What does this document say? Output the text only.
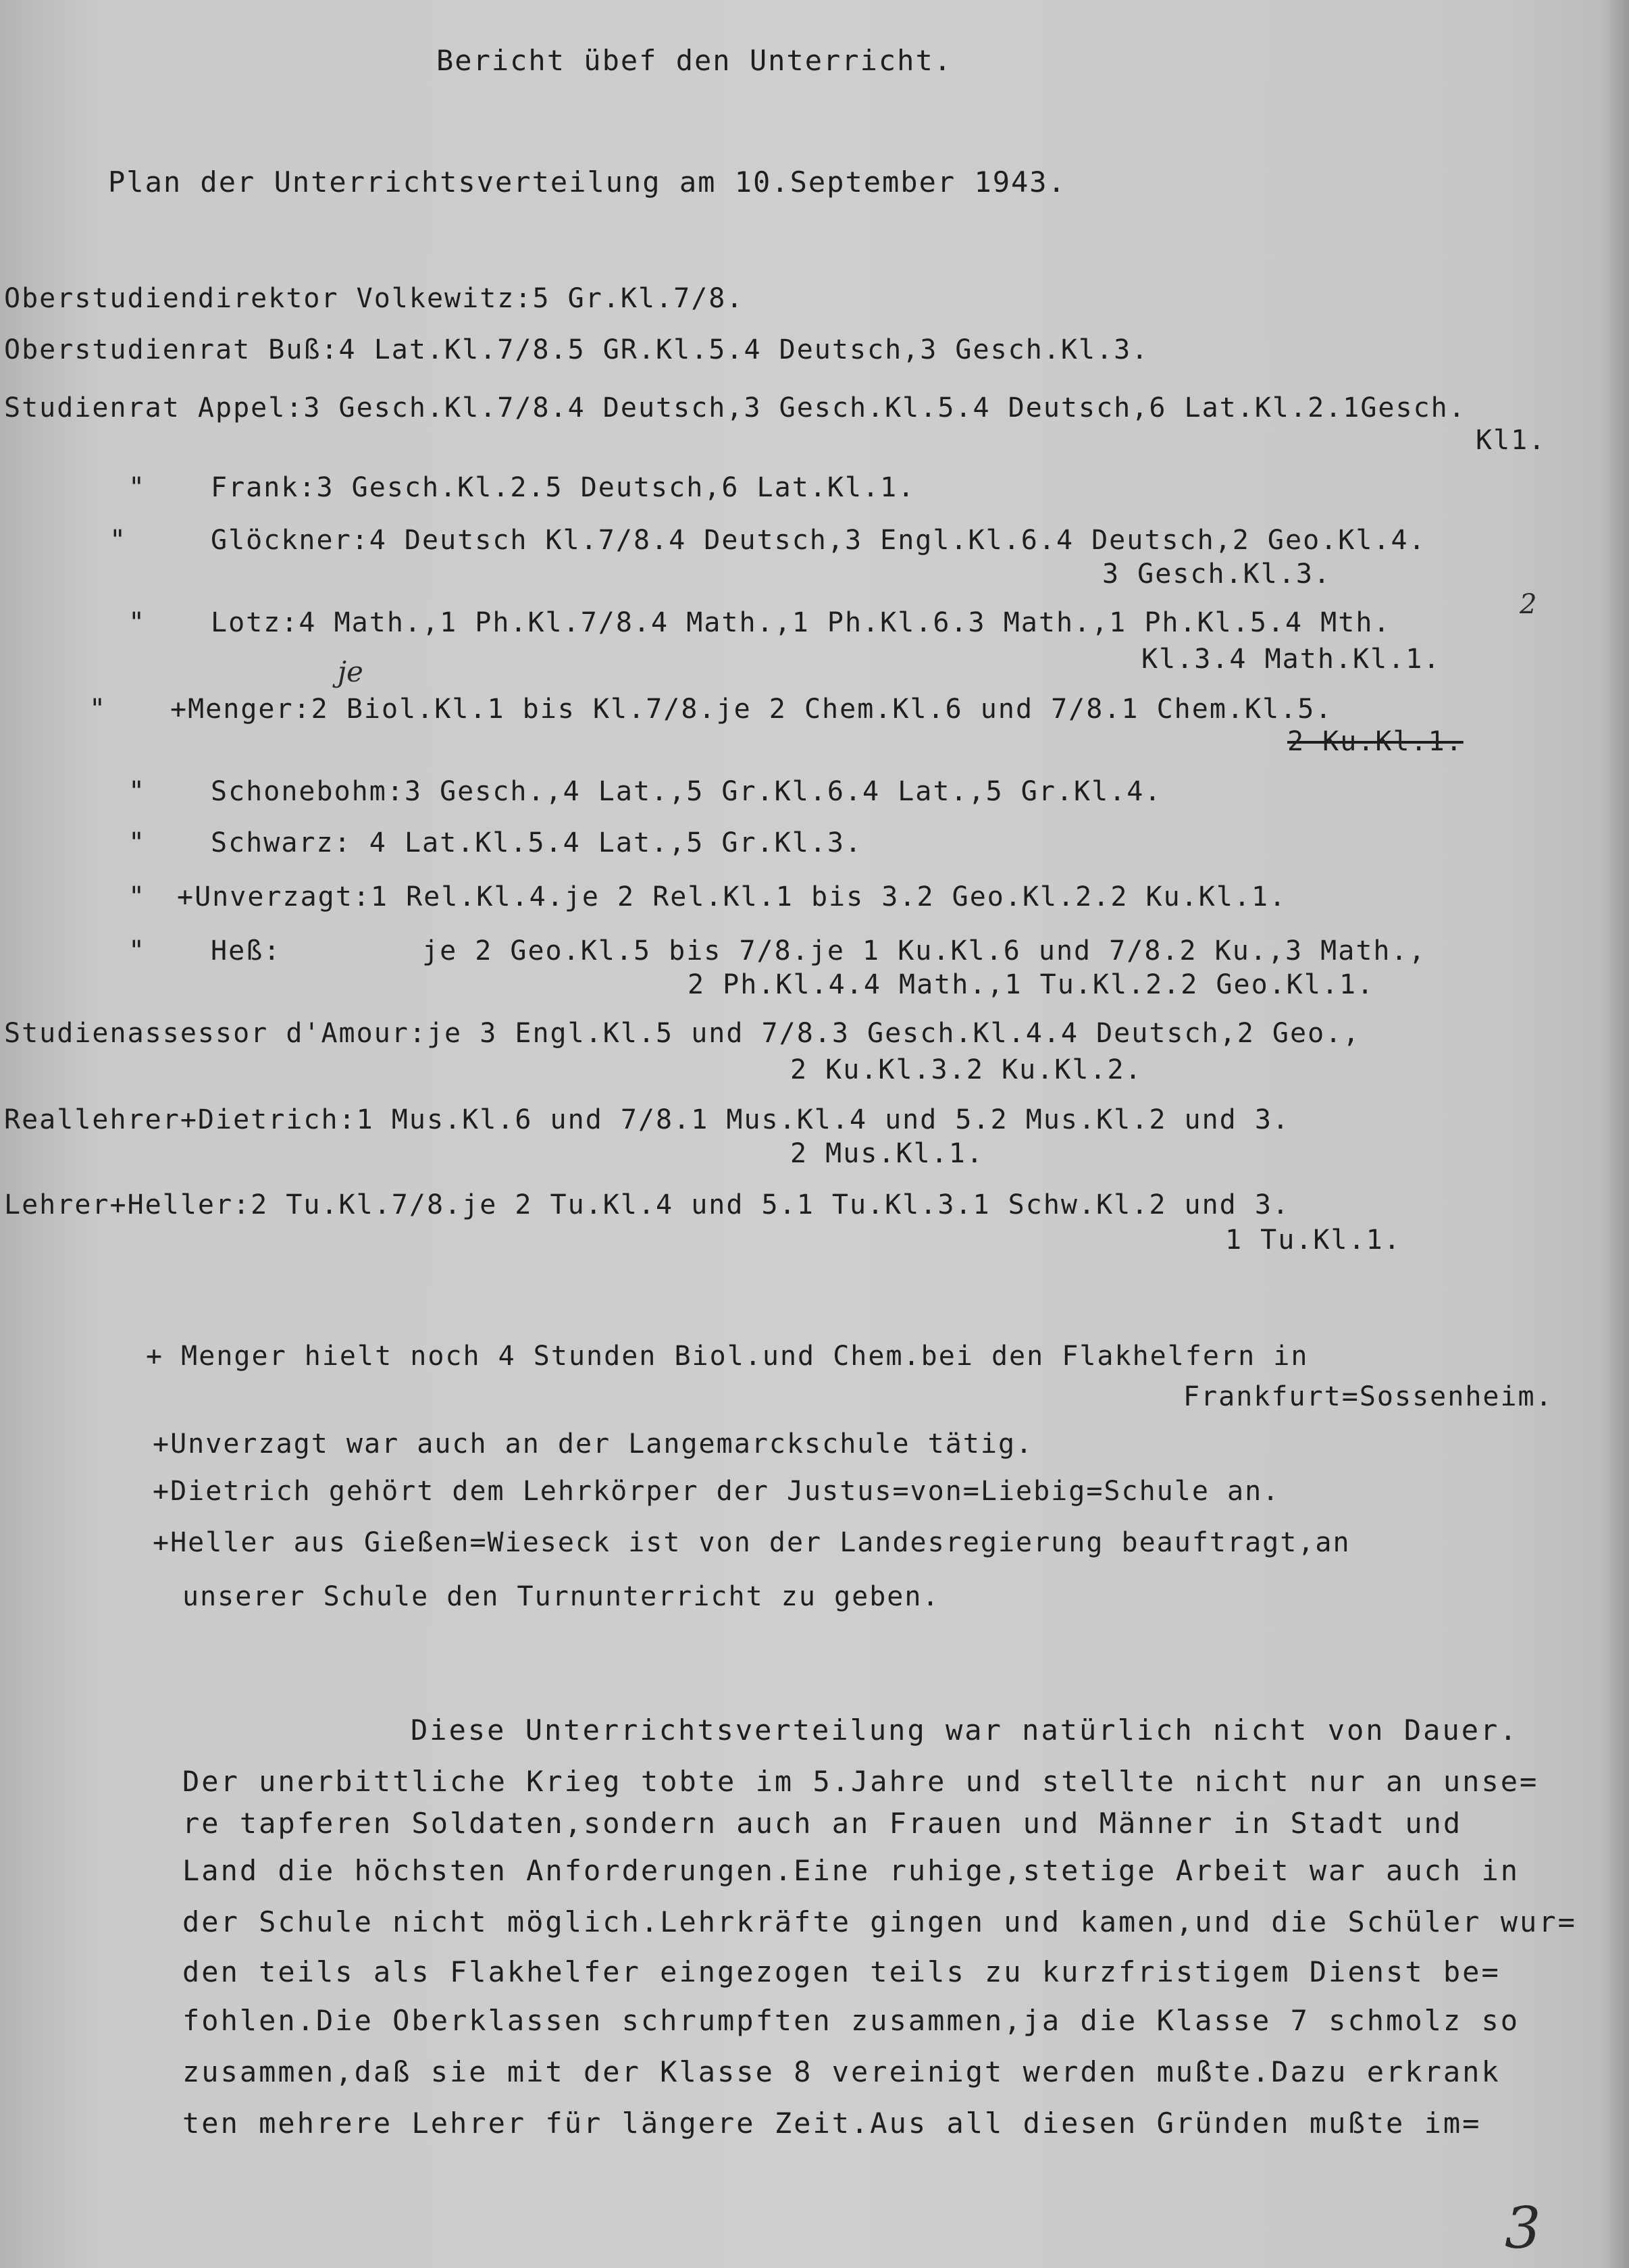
Bericht übef den Unterricht.
Plan der Unterrichtsverteilung am 10.September 1943.
Oberstudiendirektor Volkewitz:5 Gr.Kl.7/8.
Oberstudienrat Buß:4 Lat.Kl.7/8.5 GR.Kl.5.4 Deutsch,3 Gesch.Kl.3.
Studienrat Appel:3 Gesch.Kl.7/8.4 Deutsch,3 Gesch.Kl.5.4 Deutsch,6 Lat.Kl.2.1Gesch.
Kl1.
" Frank:3 Gesch.Kl.2.5 Deutsch,6 Lat.Kl.1.
"	Glöckner:4 Deutsch Kl.7/8.4 Deutsch,3 Engl.Kl.6.4 Deutsch,2 Geo.Kl.4.
3 Gesch.Kl.3.
" Lotz:4 Math.,1 Ph.Kl.7/8.4 Math.,1 Ph.Kl.6.3 Math.,1 Ph.Kl.5.4 Mth.
Kl.3.4 Math.Kl.1.
" +Menger:2 Biol.Kl.1 bis Kl.7/8.je 2 Chem.Kl.6 und 7/8.1 Chem.Kl.5.
2 Ku.Kl.1.
" Schonebohm:3 Gesch.,4 Lat.,5 Gr.Kl.6.4 Lat.,5 Gr.Kl.4.
" Schwarz: 4 Lat.Kl.5.4 Lat.,5 Gr.Kl.3.
" +Unverzagt:1 Rel.Kl.4.je 2 Rel.Kl.1 bis 3.2 Geo.Kl.2.2 Ku.Kl.1.
" Heß:        je 2 Geo.Kl.5 bis 7/8.je 1 Ku.Kl.6 und 7/8.2 Ku.,3 Math.,
2 Ph.Kl.4.4 Math.,1 Tu.Kl.2.2 Geo.Kl.1.
Studienassessor d'Amour:je 3 Engl.Kl.5 und 7/8.3 Gesch.Kl.4.4 Deutsch,2 Geo.,
2 Ku.Kl.3.2 Ku.Kl.2.
Reallehrer+Dietrich:1 Mus.Kl.6 und 7/8.1 Mus.Kl.4 und 5.2 Mus.Kl.2 und 3.
2 Mus.Kl.1.
Lehrer+Heller:2 Tu.Kl.7/8.je 2 Tu.Kl.4 und 5.1 Tu.Kl.3.1 Schw.Kl.2 und 3.
1 Tu.Kl.1.
je
2
3
+ Menger hielt noch 4 Stunden Biol.und Chem.bei den Flakhelfern in
Frankfurt=Sossenheim.
+Unverzagt war auch an der Langemarckschule tätig.
+Dietrich gehört dem Lehrkörper der Justus=von=Liebig=Schule an.
+Heller aus Gießen=Wieseck ist von der Landesregierung beauftragt,an
unserer Schule den Turnunterricht zu geben.
Diese Unterrichtsverteilung war natürlich nicht von Dauer.
Der unerbittliche Krieg tobte im 5.Jahre und stellte nicht nur an unse=
re tapferen Soldaten,sondern auch an Frauen und Männer in Stadt und
Land die höchsten Anforderungen.Eine ruhige,stetige Arbeit war auch in
der Schule nicht möglich.Lehrkräfte gingen und kamen,und die Schüler wur=
den teils als Flakhelfer eingezogen teils zu kurzfristigem Dienst be=
fohlen.Die Oberklassen schrumpften zusammen,ja die Klasse 7 schmolz so
zusammen,daß sie mit der Klasse 8 vereinigt werden mußte.Dazu erkrank
ten mehrere Lehrer für längere Zeit.Aus all diesen Gründen mußte im=
